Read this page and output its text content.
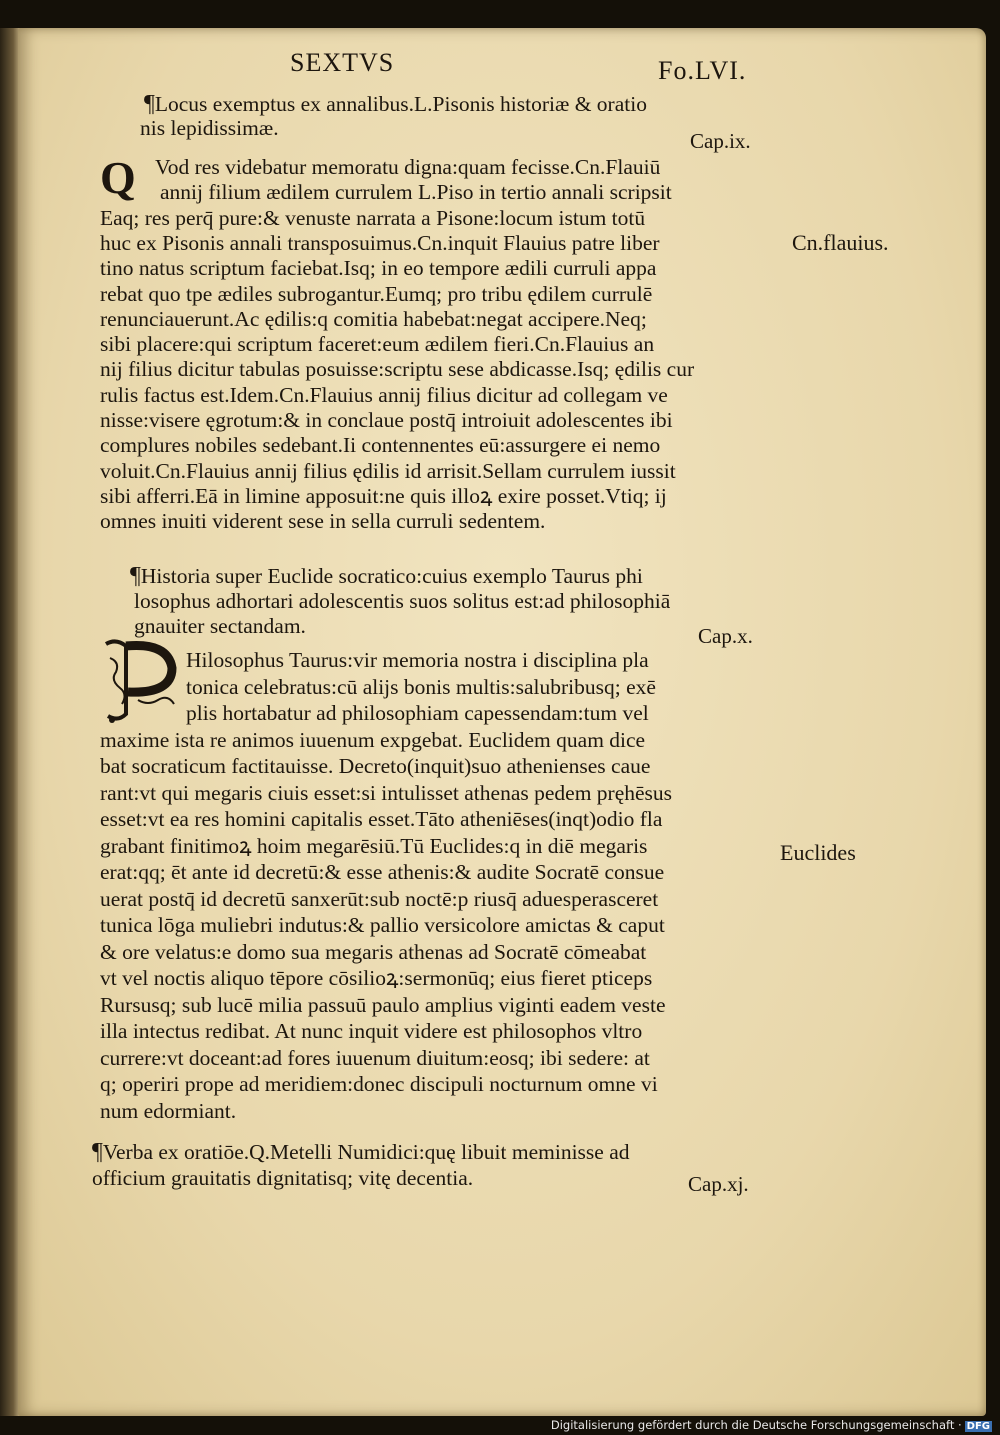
SEXTVS	Fo.LVI.
¶Locus exemptus ex annalibus.L.Pisonis historiæ & oratio
nis lepidissimæ.
Cap.ix.
Q Vod res videbatur memoratu digna:quam fecisse.Cn.Flauiū
annij filium ædilem currulem L.Piso in tertio annali scripsit
Eaq; res perq̄ pure:& venuste narrata a Pisone:locum istum totū
huc ex Pisonis annali transposuimus.Cn.inquit Flauius patre liber
tino natus scriptum faciebat.Isq; in eo tempore ædili curruli appa
rebat quo tpe ædiles subrogantur.Eumq; pro tribu ędilem currulē
renunciauerunt.Ac ędilis:q comitia habebat:negat accipere.Neq;
sibi placere:qui scriptum faceret:eum ædilem fieri.Cn.Flauius an
nij filius dicitur tabulas posuisse:scriptu sese abdicasse.Isq; ędilis cur
rulis factus est.Idem.Cn.Flauius annij filius dicitur ad collegam ve
nisse:visere ęgrotum:& in conclaue postq̄ introiuit adolescentes ibi
complures nobiles sedebant.Ii contennentes eū:assurgere ei nemo
voluit.Cn.Flauius annij filius ędilis id arrisit.Sellam currulem iussit
sibi afferri.Eā in limine apposuit:ne quis illoꝝ exire posset.Vtiq; ij
omnes inuiti viderent sese in sella curruli sedentem.
¶Historia super Euclide socratico:cuius exemplo Taurus phi
losophus adhortari adolescentis suos solitus est:ad philosophiā
gnauiter sectandam.	Cap.x.
Hilosophus Taurus:vir memoria nostra i disciplina pla
tonica celebratus:cū alijs bonis multis:salubribusq; exē
plis hortabatur ad philosophiam capessendam:tum vel
maxime ista re animos iuuenum expgebat. Euclidem quam dice
bat socraticum factitauisse. Decreto(inquit)suo athenienses caue
rant:vt qui megaris ciuis esset:si intulisset athenas pedem pręhēsus
esset:vt ea res homini capitalis esset.Tāto atheniēses(inqt)odio fla
grabant finitimoꝝ hoim megarēsiū.Tū Euclides:q in diē megaris
erat:qq; ēt ante id decretū:& esse athenis:& audite Socratē consue
uerat postq̄ id decretū sanxerūt:sub noctē:p riusq̄ aduesperasceret
tunica lōga muliebri indutus:& pallio versicolore amictas & caput
& ore velatus:e domo sua megaris athenas ad Socratē cōmeabat
vt vel noctis aliquo tēpore cōsilioꝝ:sermonūq; eius fieret pticeps
Rursusq; sub lucē milia passuū paulo amplius viginti eadem veste
illa intectus redibat. At nunc inquit videre est philosophos vltro
currere:vt doceant:ad fores iuuenum diuitum:eosq; ibi sedere: at
q; operiri prope ad meridiem:donec discipuli nocturnum omne vi
num edormiant.
¶Verba ex oratiōe.Q.Metelli Numidici:quę libuit meminisse ad
officium grauitatis dignitatisq; vitę decentia.	Cap.xj.
Cn.flauius.
Euclides
Digitalisierung gefördert durch die Deutsche Forschungsgemeinschaft · DFG
